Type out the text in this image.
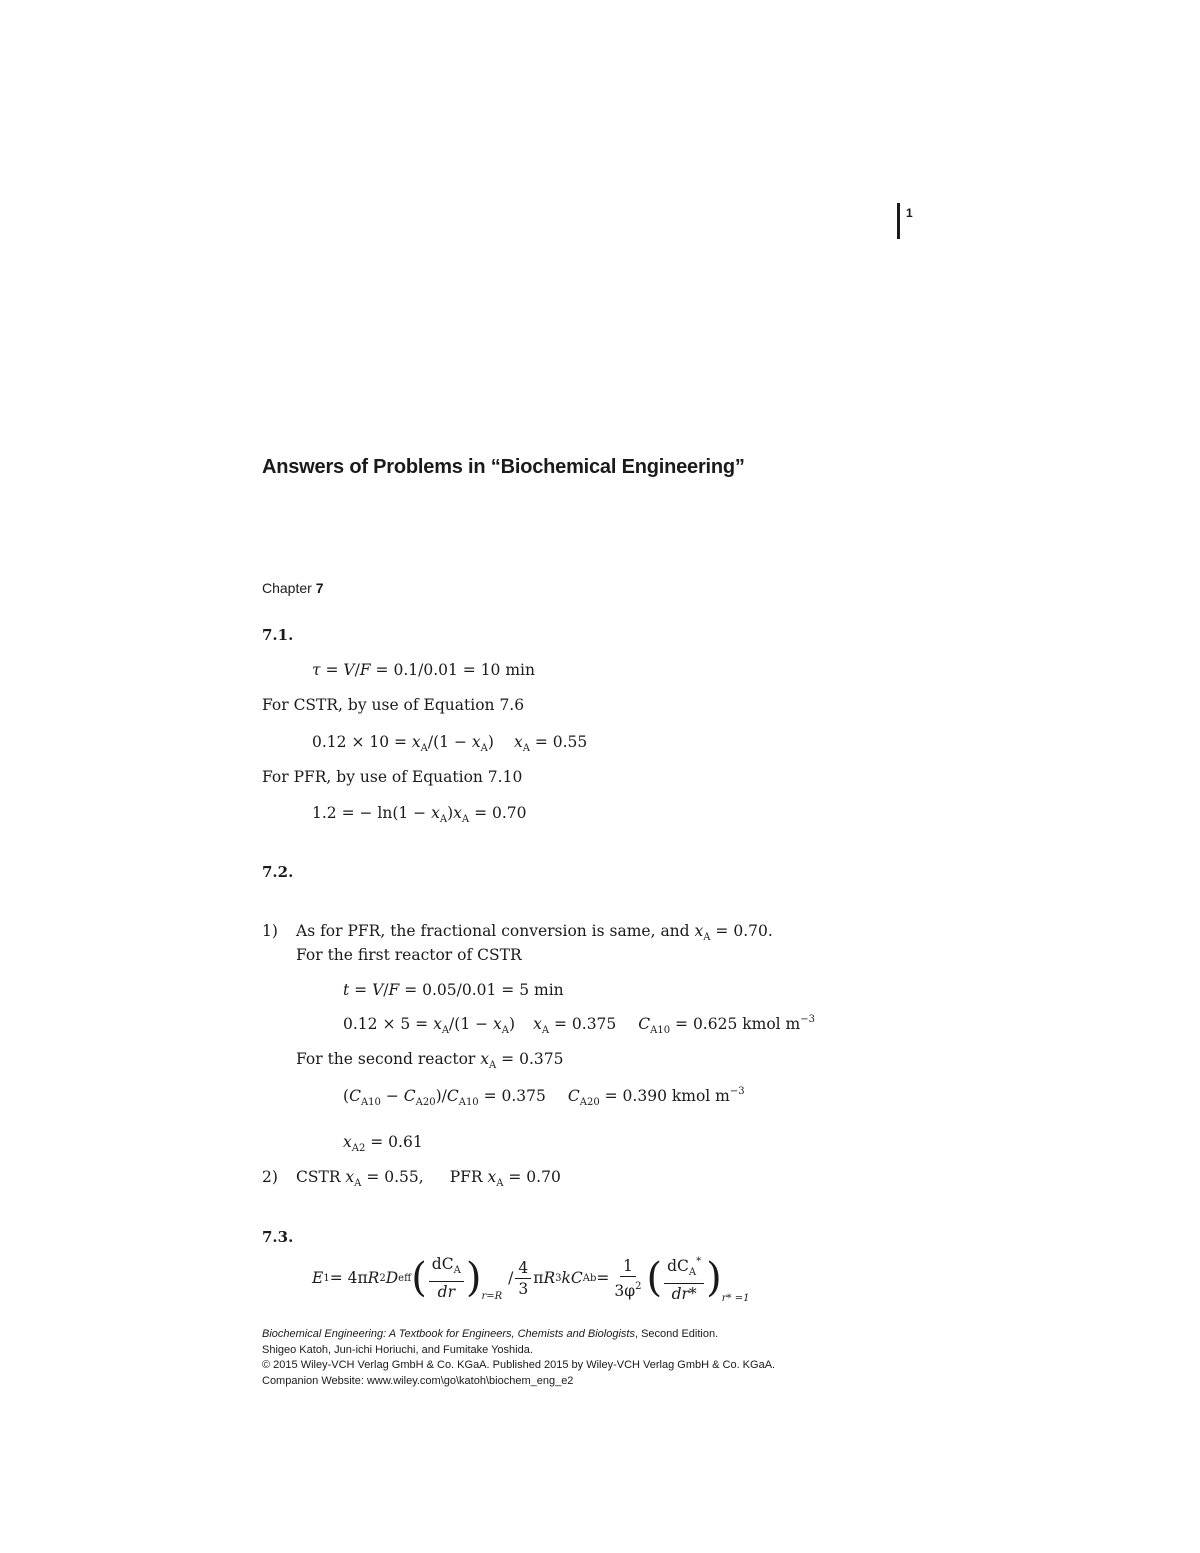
1
Answers of Problems in “Biochemical Engineering”
Chapter 7
7.1.
τ = V/F = 0.1/0.01 = 10 min
For CSTR, by use of Equation 7.6
$0.12 \times 10 = x_A/(1 - x_A) x_A = 0.55$
For PFR, by use of Equation 7.10
1.2 = − $\ln(1 - x_A)x_A = 0.70$
7.2.
1) As for PFR, the fractional conversion is same, and $x_A = 0.70$.
For the first reactor of CSTR
t = V/F = 0.05/0.01 = 5 min
$0.12 \times 5 = x_A/(1 - x_A) x_A = 0.375$ $C_{A10} = 0.625$ kmol $m^{-3}$
For the second reactor $x_A = 0.375$
$(C_{A10} - C_{A20})/C_{A10} = 0.375$ $C_{A20} = 0.390$ kmol $m^{-3}$
$x_{A2} = 0.61$
2) CSTR $x_A = 0.55$, PFR $x_A = 0.70$
7.3.
E 1 = 4π R 2 D eff ( $\frac{dC_A}{dr}$ ) r=R
/ $\frac{4}{3}$ π R 3 k C $Ab = \frac{1}{3\varphi^2}$ ( $\frac{dC_A^*}{dr*}$ ) r* =1
Biochemical Engineering: A Textbook for Engineers, Chemists and Biologists, Second Edition.
Shigeo Katoh, Jun-ichi Horiuchi, and Fumitake Yoshida.
© 2015 Wiley-VCH Verlag GmbH & Co. KGaA. Published 2015 by Wiley-VCH Verlag GmbH & Co. KGaA.
Companion Website: www.wiley.com\go\katoh\biochem_eng_e2
